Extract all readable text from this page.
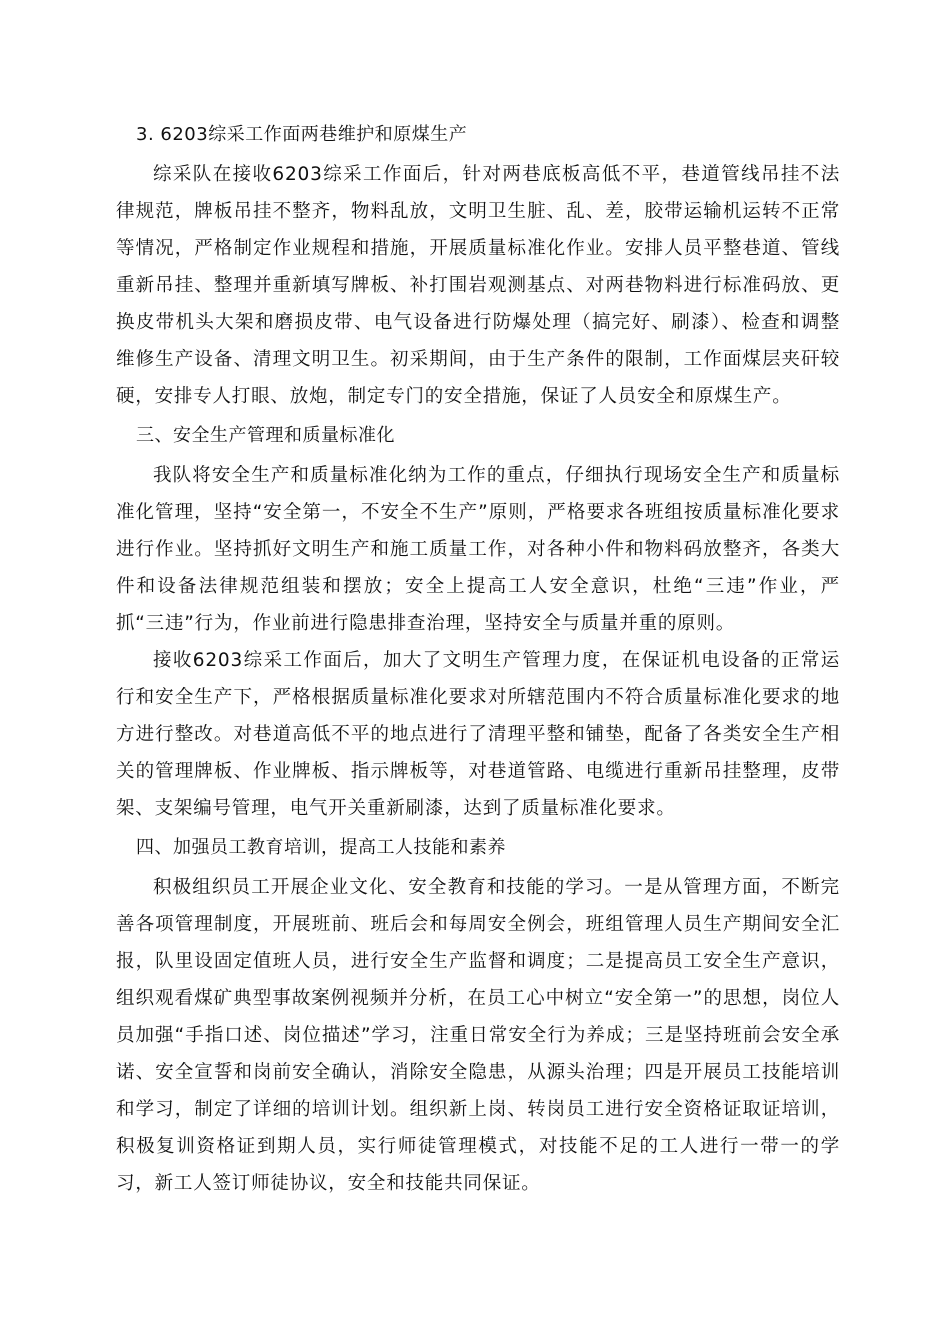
3. 6203综采工作面两巷维护和原煤生产

综采队在接收6203综采工作面后，针对两巷底板高低不平，巷道管线吊挂不法律规范，牌板吊挂不整齐，物料乱放，文明卫生脏、乱、差，胶带运输机运转不正常等情况，严格制定作业规程和措施，开展质量标准化作业。安排人员平整巷道、管线重新吊挂、整理并重新填写牌板、补打围岩观测基点、对两巷物料进行标准码放、更换皮带机头大架和磨损皮带、电气设备进行防爆处理（搞完好、刷漆）、检查和调整维修生产设备、清理文明卫生。初采期间，由于生产条件的限制，工作面煤层夹矸较硬，安排专人打眼、放炮，制定专门的安全措施，保证了人员安全和原煤生产。

三、安全生产管理和质量标准化

我队将安全生产和质量标准化纳为工作的重点，仔细执行现场安全生产和质量标准化管理，坚持“安全第一，不安全不生产”原则，严格要求各班组按质量标准化要求进行作业。坚持抓好文明生产和施工质量工作，对各种小件和物料码放整齐，各类大件和设备法律规范组装和摆放；安全上提高工人安全意识，杜绝“三违”作业，严抓“三违”行为，作业前进行隐患排查治理，坚持安全与质量并重的原则。

接收6203综采工作面后，加大了文明生产管理力度，在保证机电设备的正常运行和安全生产下，严格根据质量标准化要求对所辖范围内不符合质量标准化要求的地方进行整改。对巷道高低不平的地点进行了清理平整和铺垫，配备了各类安全生产相关的管理牌板、作业牌板、指示牌板等，对巷道管路、电缆进行重新吊挂整理，皮带架、支架编号管理，电气开关重新刷漆，达到了质量标准化要求。

四、加强员工教育培训，提高工人技能和素养

积极组织员工开展企业文化、安全教育和技能的学习。一是从管理方面，不断完善各项管理制度，开展班前、班后会和每周安全例会，班组管理人员生产期间安全汇报，队里设固定值班人员，进行安全生产监督和调度；二是提高员工安全生产意识，组织观看煤矿典型事故案例视频并分析，在员工心中树立“安全第一”的思想，岗位人员加强“手指口述、岗位描述”学习，注重日常安全行为养成；三是坚持班前会安全承诺、安全宣誓和岗前安全确认，消除安全隐患，从源头治理；四是开展员工技能培训和学习，制定了详细的培训计划。组织新上岗、转岗员工进行安全资格证取证培训，积极复训资格证到期人员，实行师徒管理模式，对技能不足的工人进行一带一的学习，新工人签订师徒协议，安全和技能共同保证。
